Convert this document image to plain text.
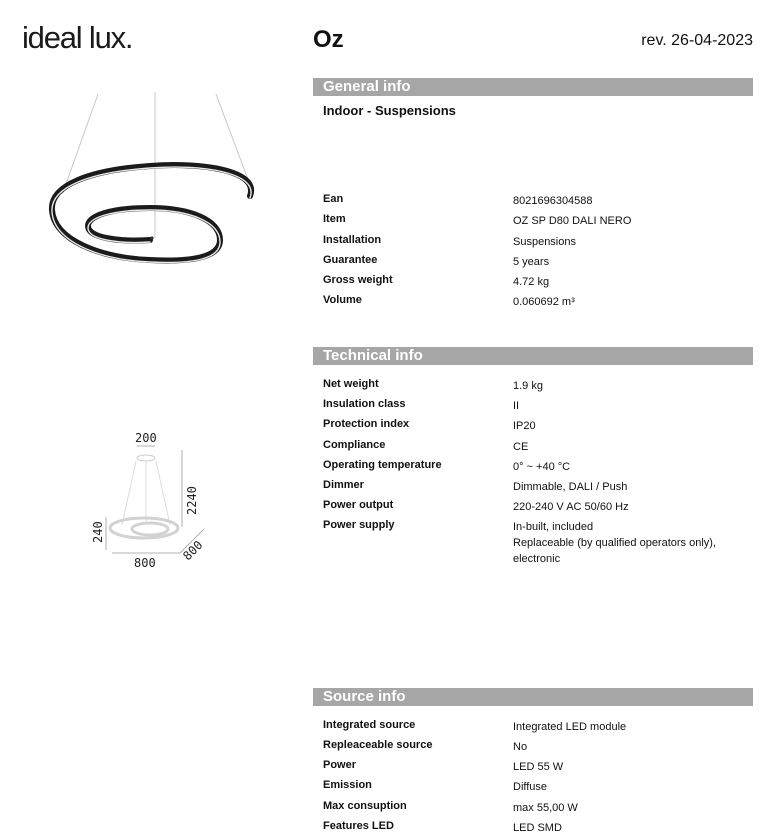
ideal lux.	Oz	rev. 26-04-2023
200
2240
240
800 800
General info
Indoor - Suspensions
Ean	8021696304588
Item	OZ SP D80 DALI NERO
Installation	Suspensions
Guarantee	5 years
Gross weight	4.72 kg
Volume	0.060692 m³
Technical info
Net weight	1.9 kg
Insulation class	II
Protection index	IP20
Compliance	CE
Operating temperature	0° ~ +40 °C
Dimmer	Dimmable, DALI / Push
Power output	220-240 V AC 50/60 Hz
Power supply	In-built, included
Replaceable (by qualified operators only),
electronic
Source info
Integrated source	Integrated LED module
Repleaceable source	No
Power	LED 55 W
Emission	Diffuse
Max consuption	max 55,00 W
Features LED	LED SMD
